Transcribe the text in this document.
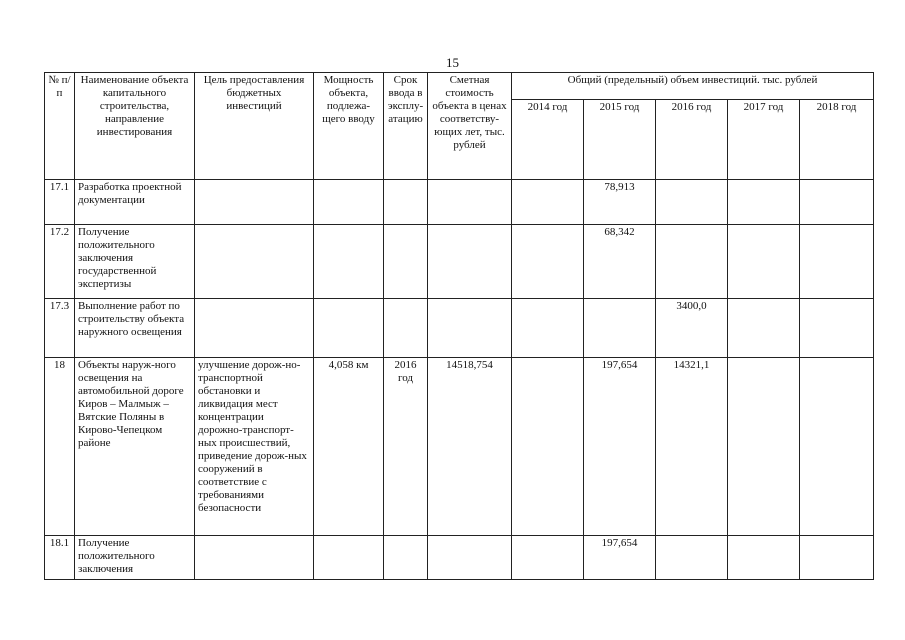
15
№ п/п	Наименование объекта капитального строительства, направление инвестирования	Цель предоставления бюджетных инвестиций	Мощность объекта, подлежа-щего вводу	Срок ввода в эксплу-атацию	Сметная стоимость объекта в ценах соответству-ющих лет, тыс. рублей	Общий (предельный) объем инвестиций. тыс. рублей				
						2014 год	2015 год	2016 год	2017 год	2018 год
17.1	Разработка проектной документации						78,913			
17.2	Получение положительного заключения государственной экспертизы						68,342			
17.3	Выполнение работ по строительству объекта наружного освещения							3400,0		
18	Объекты наруж-ного освещения на автомобильной дороге Киров – Малмыж – Вятские Поляны в Кирово-Чепецком районе	улучшение дорож-но-транспортной обстановки и ликвидация мест концентрации дорожно-транспорт-ных происшествий, приведение дорож-ных сооружений в соответствие с требованиями безопасности	4,058 км	2016 год	14518,754		197,654	14321,1		
18.1	Получение положительного заключения						197,654			
